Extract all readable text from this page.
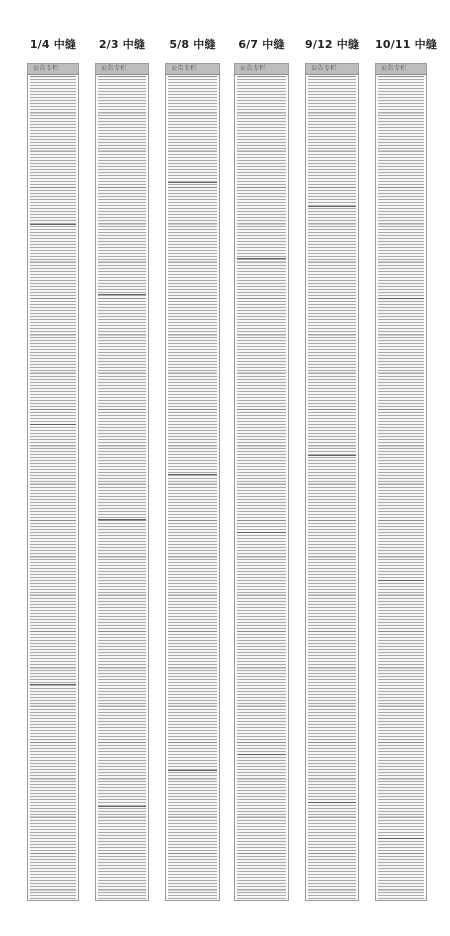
1/4 中缝	2/3 中缝	5/8 中缝	6/7 中缝	9/12 中缝 10/11 中缝
公告专栏	公告专栏	公告专栏	公告专栏	公告专栏	公告专栏
